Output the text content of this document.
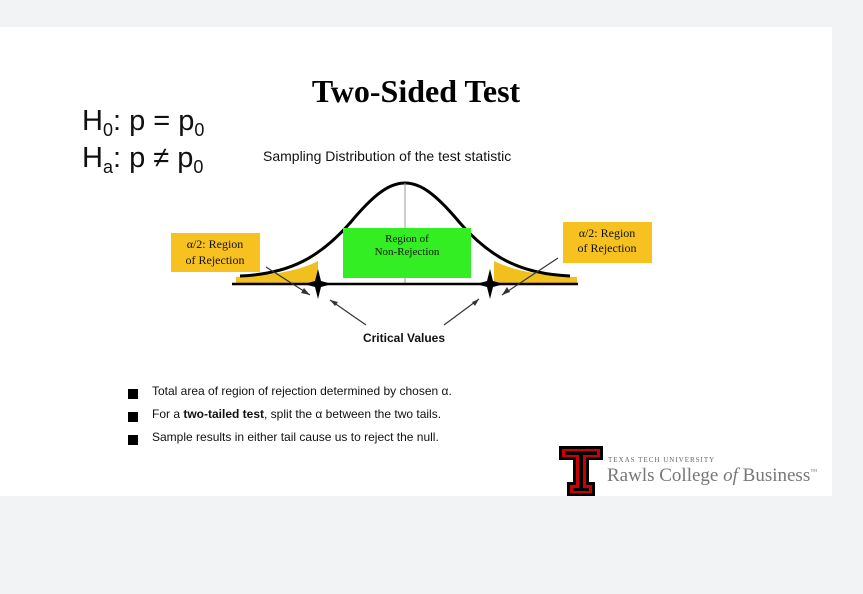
Two-Sided Test
$H_0$: $p = p_0$
$H_a$: $p \ne p_0$
Sampling Distribution of the test statistic
Region of
Non-Rejection
α/2: Region
of Rejection
α/2: Region
of Rejection
Critical Values
Total area of region of rejection determined by chosen α.
For a two-tailed test, split the α between the two tails.
Sample results in either tail cause us to reject the null.
TEXAS TECH UNIVERSITY
Rawls College of Business™
